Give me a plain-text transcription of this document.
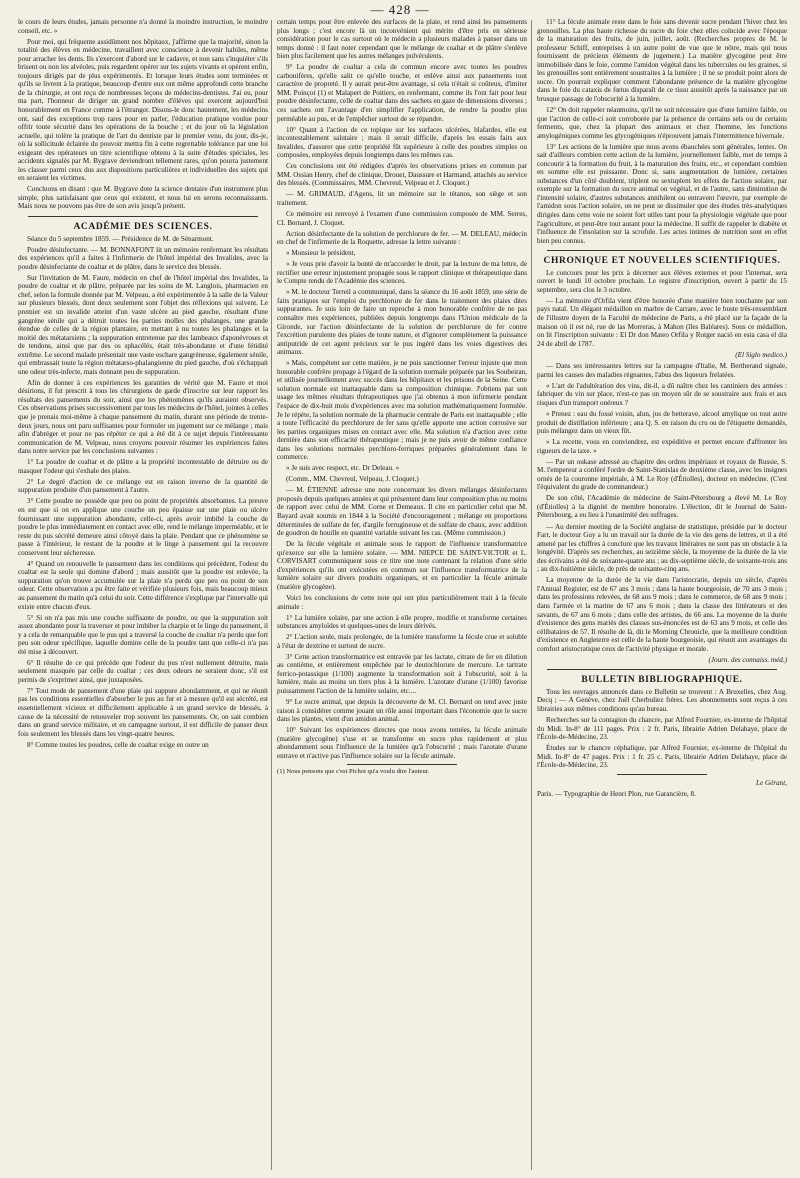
— 428 —

le cours de leurs études, jamais personne n'a donné la moindre instruction, le moindre conseil, etc. »

Pour moi, qui fréquente assidûment nos hôpitaux, j'affirme que la majorité, sinon la totalité des élèves en médecine, travaillent avec conscience à devenir habiles, même pour arracher les dents. Ils s'exercent d'abord sur le cadavre, et non sans s'inquiéter s'ils brisent ou non les alvéoles, puis regardent opérer sur les sujets vivants et opèrent enfin, toujours dirigés par de plus expérimentés. Et lorsque leurs études sont terminées et qu'ils se livrent à la pratique, beaucoup d'entre eux ont même approfondi cette branche de la chirurgie, et ont reçu de nombreuses leçons de médecins-dentistes. J'ai eu, pour ma part, l'honneur de diriger un grand nombre d'élèves qui exercent aujourd'hui honorablement en France comme à l'étranger. Disons-le donc hautement, les médecins ont, sauf des exceptions trop rares pour en parler, l'éducation pratique voulue pour offrir toute sécurité dans les opérations de la bouche ; et du jour où la législation actuelle, qui tolère la pratique de l'art du dentiste par le premier venu, du jour, dis-je, où la sollicitude éclairée du pouvoir mettra fin à cette regrettable tolérance par une loi exigeant des opérateurs un titre scientifique obtenu à la suite d'études spéciales, les accidents signalés par M. Bygrave deviendront tellement rares, qu'on pourra justement les classer parmi ceux dus aux dispositions particulières et individuelles des sujets qui en seraient les victimes.

Concluons en disant : que M. Bygrave dote la science dentaire d'un instrument plus simple, plus satisfaisant que ceux qui existent, et nous lui en serons reconnaissants. Mais nous ne pouvons pas être de son avis jusqu'à présent.

ACADÉMIE DES SCIENCES.

Séance du 5 septembre 1859. — Présidence de M. de Sénarmont.

Poudre désinfectante. — M. BONNAFONT lit un mémoire renfermant les résultats des expériences qu'il a faites à l'infirmerie de l'hôtel impérial des Invalides, avec la poudre désinfectante de coaltar et de plâtre, dans le service des blessés.

Sur l'invitation de M. Faure, médecin en chef de l'hôtel impérial des Invalides, la poudre de coaltar et de plâtre, préparée par les soins de M. Langlois, pharmacien en chef, selon la formule donnée par M. Velpeau, a été expérimentée à la salle de la Valeur sur plusieurs blessés, dont deux seulement sont l'objet des réflexions qui suivent. Le premier est un invalide atteint d'un vaste ulcère au pied gauche, résultant d'une gangrène sénile qui a détruit toutes les parties molles des phalanges, une grande étendue de celles de la région plantaire, en mettant à nu toutes les phalanges et la moitié des métatarsiens ; la suppuration entretenue par des lambeaux d'aponévroses et de tendons, ainsi que par des os sphacélés, était très-abondante et d'une fétidité extrême. Le second malade présentait une vaste eschare gangréneuse, également sénile, qui embrassait toute la région métatarso-phalangienne du pied gauche, d'où s'échappait une odeur très-infecte, mais donnant peu de suppuration.

Afin de donner à ces expériences les garanties de vérité que M. Faure et moi désirions, il fut prescrit à tous les chirurgiens de garde d'inscrire sur leur rapport les résultats des pansements du soir, ainsi que les phénomènes qu'ils auraient observés. Ces observations prises successivement par tous les médecins de l'hôtel, jointes à celles que je prenais moi-même à chaque pansement du matin, durant une période de trente-deux jours, nous ont paru suffisantes pour formuler un jugement sur ce mélange ; mais afin d'abréger et pour ne pas répéter ce qui a été dit à ce sujet depuis l'intéressante communication de M. Velpeau, nous croyons pouvoir résumer les expériences faites dans notre service par les conclusions suivantes :

1° La poudre de coaltar et de plâtre a la propriété incontestable de détruire ou de masquer l'odeur qui s'exhale des plaies.

2° Le degré d'action de ce mélange est en raison inverse de la quantité de suppuration produite d'un pansement à l'autre.

3° Cette poudre ne possède que peu ou point de propriétés absorbantes. La preuve en est que si on en applique une couche un peu épaisse sur une plaie ou ulcère fournissant une suppuration abondante, celle-ci, après avoir imbibé la couche de poudre le plus immédiatement en contact avec elle, rend le mélange imperméable, et le reste du pus sécrété demeure ainsi côtoyé dans la plaie. Pendant que ce phénomène se passe à l'intérieur, le restant de la poudre et le linge à pansement qui la recouvre conservent leur sécheresse.

4° Quand on renouvelle le pansement dans les conditions qui précèdent, l'odeur du coaltar est la seule qui domine d'abord ; mais aussitôt que la poudre est enlevée, la suppuration qu'on trouve accumulée sur la plaie n'a perdu que peu ou point de son odeur. Cette observation a pu être faite et vérifiée plusieurs fois, mais beaucoup mieux au pansement du matin qu'à celui du soir. Cette différence s'explique par l'intervalle qui existe entre chacun d'eux.

5° Si on n'a pas mis une couche suffisante de poudre, ou que la suppuration soit assez abondante pour la traverser et pour imbiber la charpie et le linge du pansement, il y a cela de remarquable que le pus qui a traversé la couche de coaltar n'a perdu que fort peu son odeur spécifique, laquelle domine celle de la poudre tant que celle-ci n'a pas été mise à découvert.

6° Il résulte de ce qui précède que l'odeur du pus n'est nullement détruite, mais seulement masquée par celle du coaltar ; ces deux odeurs ne seraient donc, s'il est permis de s'exprimer ainsi, que juxtaposées.

7° Tout mode de pansement d'une plaie qui suppure abondamment, et qui ne réunit pas les conditions essentielles d'absorber le pus au fur et à mesure qu'il est sécrété, est essentiellement vicieux et difficilement applicable à un grand service de blessés, à cause de la nécessité de renouveler trop souvent les pansements. Or, on sait combien dans un grand service militaire, et en campagne surtout, il est difficile de panser deux fois seulement les blessés dans les vingt-quatre heures.

8° Comme toutes les poudres, celle de coaltar exige en outre un

certain temps pour être enlevée des surfaces de la plaie, et rend ainsi les pansements plus longs ; c'est encore là un inconvénient qui mérite d'être pris en sérieuse considération pour le cas surtout où le médecin a plusieurs malades à panser dans un temps donné : il faut noter cependant que le mélange de coaltar et de plâtre s'enlève bien plus facilement que les autres mélanges pulvérulents.

9° La poudre de coaltar a cela de commun encore avec toutes les poudres carbonifères, qu'elle salit ce qu'elle touche, et enlève ainsi aux pansements tout caractère de propreté. Il y aurait peut-être avantage, si cela n'était si coûteux, d'imiter MM. Poinçot (1) et Malapert de Poitiers, en renfermant, comme ils l'ont fait pour leur poudre désinfectante, celle de coaltar dans des sachets en gaze de dimensions diverses ; ces sachets ont l'avantage d'en simplifier l'application, de rendre la poudre plus perméable au pus, et de l'empêcher surtout de se répandre.

10° Quant à l'action de ce topique sur les surfaces ulcérées, blafardes, elle est incontestablement salutaire ; mais il serait difficile, d'après les essais faits aux Invalides, d'assurer que cette propriété fût supérieure à celle des poudres simples ou composées, employées depuis longtemps dans les mêmes cas.

Ces conclusions ont été rédigées d'après les observations prises en commun par MM. Ossian Henry, chef de clinique, Drouet, Daussure et Harmand, attachés au service des blessés. (Commissaires, MM. Chevreul, Velpeau et J. Cloquet.)

— M. GRIMAUD, d'Agens, lit un mémoire sur le tétanos, son siège et son traitement.

Ce mémoire est renvoyé à l'examen d'une commission composée de MM. Serres, Cl. Bernard, J. Cloquet.

Action désinfectante de la solution de perchlorure de fer. — M. DELEAU, médecin en chef de l'infirmerie de la Roquette, adresse la lettre suivante :

« Monsieur le président,

» Je vous prie d'avoir la bonté de m'accorder le droit, par la lecture de ma lettre, de rectifier une erreur injustement propagée sous le rapport clinique et thérapeutique dans le Compte rendu de l'Académie des sciences.

» M. le docteur Terreil a communiqué, dans la séance du 16 août 1859, une série de faits pratiques sur l'emploi du perchlorure de fer dans le traitement des plaies dites suppurantes. Je suis loin de faire un reproche à mon honorable confrère de ne pas connaître mes expériences, publiées depuis longtemps dans l'Union médicale de la Gironde, sur l'action désinfectante de la solution de perchlorure de fer contre l'excrétion purulente des plaies de toute nature, et d'ignorer complètement la puissance antiputride de cet agent précieux sur le pus ingéré dans les voies digestives des animaux.

» Mais, compétent sur cette matière, je ne puis sanctionner l'erreur injuste que mon honorable confrère propage à l'égard de la solution normale préparée par les Soubeiran, et utilisée journellement avec succès dans les hôpitaux et les prisons de la Seine. Cette solution normale est inattaquable dans sa composition chimique. J'obtiens par son usage les mêmes résultats thérapeutiques que j'ai obtenus à mon infirmerie pendant l'espace de dix-huit mois d'expériences avec ma solution mathématiquement formulée. Je le répète, la solution normale de la pharmacie centrale de Paris est inattaquable ; elle a toute l'efficacité du perchlorure de fer sans qu'elle apporte une action corrosive sur les parties organiques mises en contact avec elle. Ma solution n'a d'action avec cette dernière dans son efficacité thérapeutique ; mais je ne puis avoir de même confiance dans les solutions normales perchloro-ferriques préparées généralement dans le commerce.

» Je suis avec respect, etc. Dr Deleau. »

(Comm., MM. Chevreul, Velpeau, J. Cloquet.)

— M. ÉTIENNE adresse une note concernant les divers mélanges désinfectants proposés depuis quelques années et qui présentent dans leur composition plus ou moins de rapport avec celui de MM. Corne et Demeaux. Il cite en particulier celui que M. Bayard avait soumis en 1844 à la Société d'encouragement ; mélange en proportions déterminées de sulfate de fer, d'argile ferrugineuse et de sulfate de chaux, avec addition de goudron de houille en quantité variable suivant les cas. (Même commission.)

De la fécule végétale et animale sous le rapport de l'influence transformatrice qu'exerce sur elle la lumière solaire. — MM. NIEPCE DE SAINT-VICTOR et L. CORVISART communiquent sous ce titre une note contenant la relation d'une série d'expériences qu'ils ont exécutées en commun sur l'influence transformatrice de la lumière solaire sur divers produits organiques, et en particulier la fécule animale (matière glycogène).

Voici les conclusions de cette note qui ont plus particulièrement trait à la fécule animale :

1° La lumière solaire, par une action à elle propre, modifie et transforme certaines substances amyloïdes et quelques-unes de leurs dérivés.

2° L'action seule, mais prolongée, de la lumière transforme la fécule crue et soluble à l'état de dextrine et surtout de sucre.

3° Cette action transformatrice est entravée par les lactate, citrate de fer en dilution au centième, et entièrement empêchée par le deutochlorure de mercure. Le tartrate ferrico-potassique (1/100) augmente la transformation soit à l'obscurité, soit à la lumière, mais au moins un tiers plus à la lumière. L'azotate d'urane (1/100) favorise puissamment l'action de la lumière solaire, etc....

9° Le sucre animal, que depuis la découverte de M. Cl. Bernard on tend avec juste raison à considérer comme jouant un rôle aussi important dans l'économie que le sucre dans les plantes, vient d'un amidon animal.

10° Suivant les expériences directes que nous avons tentées, la fécule animale (matière glycogène) s'use et se transforme en sucre plus rapidement et plus abondamment sous l'influence de la lumière qu'à l'obscurité ; mais l'azotate d'urane entrave et n'active pas l'influence solaire sur la fécule animale.

(1) Nous pensons que c'est Pichot qu'a voulu dire l'auteur.

11° La fécule animale reste dans le foie sans devenir sucre pendant l'hiver chez les grenouilles. La plus haute richesse du sucre du foie chez elles coïncide avec l'époque de la maturation des fruits, de juin, juillet, août. (Recherches propres de M. le professeur Schiff, entreprises à un autre point de vue que le nôtre, mais qui nous fournissent de précieux éléments de jugement.) La matière glycogène peut être immobilisée dans le foie, comme l'amidon végétal dans les tubercules ou les graines, si les grenouilles sont entièrement soustraites à la lumière ; il ne se produit point alors de sucre. On pourrait expliquer comment l'abondante présence de la matière glycogène dans le foie du cataxis de fœtus disparaît de ce tissu aussitôt après la naissance par un brusque passage de l'obscurité à la lumière.

12° On doit rappeler néanmoins, qu'il ne soit nécessaire que d'une lumière faible, ou que l'action de celle-ci soit corroborée par la présence de certains sels ou de certains ferments, que, chez la plupart des animaux et chez l'homme, les fonctions amylogéniques comme les glycogéniques n'éprouvent jamais l'intermittence hivernale.

13° Les actions de la lumière que nous avons ébauchées sont générales, lentes. On sait d'ailleurs combien cette action de la lumière, journellement faible, met de temps à concourir à la formation du fruit, à la maturation des fruits, etc., et cependant combien en somme elle est puissante. Donc si, sans augmentation de lumière, certaines substances d'un côté doublent, triplent ou sextuplent les effets de l'action solaire, par exemple sur la formation du sucre animal ou végétal, et de l'autre, sans diminution de l'intensité solaire, d'autres substances annihilent ou entravent l'œuvre, par exemple de l'amidon sous l'action solaire, on ne peut se dissimuler que des études très-analytiques dirigées dans cette voie ne soient fort utiles tant pour la physiologie végétale que pour l'agriculture, et peut-être tout autant pour la médecine. Il suffit de rappeler le diabète et l'influence de l'insolation sur la scrofule. Les actes intimes de nutrition sont en effet bien peu connus.

CHRONIQUE ET NOUVELLES SCIENTIFIQUES.

Le concours pour les prix à décerner aux élèves externes et pour l'internat, sera ouvert le lundi 10 octobre prochain. Le registre d'inscription, ouvert à partir du 15 septembre, sera clos le 3 octobre.

— La mémoire d'Orfila vient d'être honorée d'une manière bien touchante par son pays natal. Un élégant médaillon en marbre de Carrare, avec le buste très-ressemblant de l'illustre doyen de la Faculté de médecine de Paris, a été placé sur la façade de la maison où il est né, rue de las Morreras, à Mahon (îles Baléares). Sous ce médaillon, on lit l'inscription suivante : El Dr don Mateo Orfila y Rotger nació en esta casa el dia 24 de abril de 1787.

(El Siglo medico.)

— Dans ses intéressantes lettres sur la campagne d'Italie, M. Bertherand signale, parmi les causes des maladies régnantes, l'abus des liqueurs frelatées.

« L'art de l'adultération des vins, dit-il, a dû naître chez les cantiniers des armées : fabriquer du vin sur place, n'est-ce pas un moyen sûr de se soustraire aux frais et aux risques d'un transport onéreux ?

» Prenez : eau du fossé voisin, alun, jus de betterave, alcool amylique ou tout autre produit de distillation inférieure ; ana Q. S. en raison du cru ou de l'étiquette demandés, puis mélangez dans un vieux fût.

» La recette, vous en conviendrez, est expéditive et permet encore d'affronter les rigueurs de la taxe. »

— Par un oukase adressé au chapitre des ordres impériaux et royaux de Russie, S. M. l'empereur a conféré l'ordre de Saint-Stanislas de deuxième classe, avec les insignes ornés de la couronne impériale, à M. Le Roy (d'Étiolles), docteur en médecine. (C'est l'équivalent du grade de commandeur.)

De son côté, l'Académie de médecine de Saint-Pétersbourg a élevé M. Le Roy (d'Étiolles) à la dignité de membre honoraire. L'élection, dit le Journal de Saint-Pétersbourg, a eu lieu à l'unanimité des suffrages.

— Au dernier meeting de la Société anglaise de statistique, présidée par le docteur Farr, le docteur Guy a lu un travail sur la durée de la vie des gens de lettres, et il a été amené par les chiffres à conclure que les travaux littéraires ne sont pas un obstacle à la longévité. D'après ses recherches, au seizième siècle, la moyenne de la durée de la vie des écrivains a été de soixante-quatre ans ; au dix-septième siècle, de soixante-trois ans ; au dix-huitième siècle, de près de soixante-cinq ans.

La moyenne de la durée de la vie dans l'aristocratie, depuis un siècle, d'après l'Annual Register, est de 67 ans 3 mois ; dans la haute bourgeoisie, de 70 ans 3 mois ; dans les professions relevées, de 68 ans 9 mois ; dans le commerce, de 68 ans 9 mois ; dans l'armée et la marine de 67 ans 6 mois ; dans la classe des littérateurs et des savants, de 67 ans 6 mois ; dans celle des artistes, de 66 ans. La moyenne de la durée d'existence des gens mariés des classes sus-énoncées est de 63 ans 9 mois, et celle des célibataires de 57. Il résulte de là, dit le Morning Chronicle, que la meilleure condition d'existence en Angleterre est celle de la haute bourgeoisie, qui réunit aux avantages du comfort aristocratique ceux de l'activité physique et morale.

(Journ. des connaiss. méd.)
BULLETIN BIBLIOGRAPHIQUE.

Tous les ouvrages annoncés dans ce Bulletin se trouvent : A Bruxelles, chez Aug. Decq ; — A Genève, chez Joël Cherbuliez frères. Les abonnements sont reçus à ces librairies aux mêmes conditions qu'au bureau.

Recherches sur la contagion du chancre, par Alfred Fournier, ex-interne de l'hôpital du Midi. In-8° de 111 pages. Prix : 2 fr. Paris, librairie Adrien Delahaye, place de l'École-de-Médecine, 23.

Études sur le chancre céphalique, par Alfred Fournier, ex-interne de l'hôpital du Midi. In-8° de 47 pages. Prix : 1 fr. 25 c. Paris, librairie Adrien Delahaye, place de l'École-de-Médecine, 23.

Le Gérant,

Paris. — Typographie de Henri Plon, rue Garancière, 8.
